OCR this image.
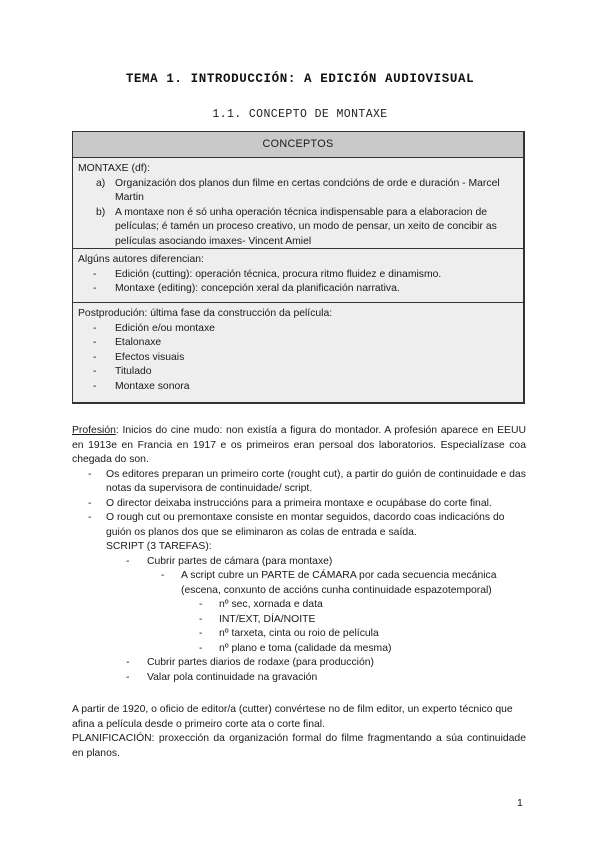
TEMA 1. INTRODUCCIÓN: A EDICIÓN AUDIOVISUAL
1.1. CONCEPTO DE MONTAXE
CONCEPTOS
MONTAXE (df):
a) Organización dos planos dun filme en certas condcións de orde e duración - Marcel Martin
b) A montaxe non é só unha operación técnica indispensable para a elaboracion de películas; é tamén un proceso creativo, un modo de pensar, un xeito de concibir as películas asociando imaxes- Vincent Amiel
Algúns autores diferencian:
-	Edición (cutting): operación técnica, procura ritmo fluidez e dinamismo.
-	Montaxe (editing): concepción xeral da planificación narrativa.
Postprodución: última fase da construcción da película:
-	Edición e/ou montaxe
-	Etalonaxe
-	Efectos visuais
-	Titulado
-	Montaxe sonora
Profesión: Inicios do cine mudo: non existía a figura do montador. A profesión aparece en EEUU en 1913e en Francia en 1917 e os primeiros eran persoal dos laboratorios. Especialízase coa chegada do son.
-	Os editores preparan un primeiro corte (rought cut), a partir do guión de continuidade e das notas da supervisora de continuidade/ script.
-	O director deixaba instruccións para a primeira montaxe e ocupábase do corte final.
-	O rough cut ou premontaxe consiste en montar seguidos, dacordo coas indicacións do guión os planos dos que se eliminaron as colas de entrada e saída.
SCRIPT (3 TAREFAS):
-	Cubrir partes de cámara (para montaxe)
-	A script cubre un PARTE de CÁMARA por cada secuencia mecánica (escena, conxunto de accións cunha continuidade espazotemporal)
-	nº sec, xornada e data
-	INT/EXT, DÍA/NOITE
-	nº tarxeta, cinta ou roio de película
-	nº plano e toma (calidade da mesma)
-	Cubrir partes diarios de rodaxe (para producción)
-	Valar pola continuidade na gravación
A partir de 1920, o oficio de editor/a (cutter) convértese no de film editor, un experto técnico que afina a película desde o primeiro corte ata o corte final.
PLANIFICACIÓN: proxección da organización formal do filme fragmentando a súa continuidade en planos.
1
